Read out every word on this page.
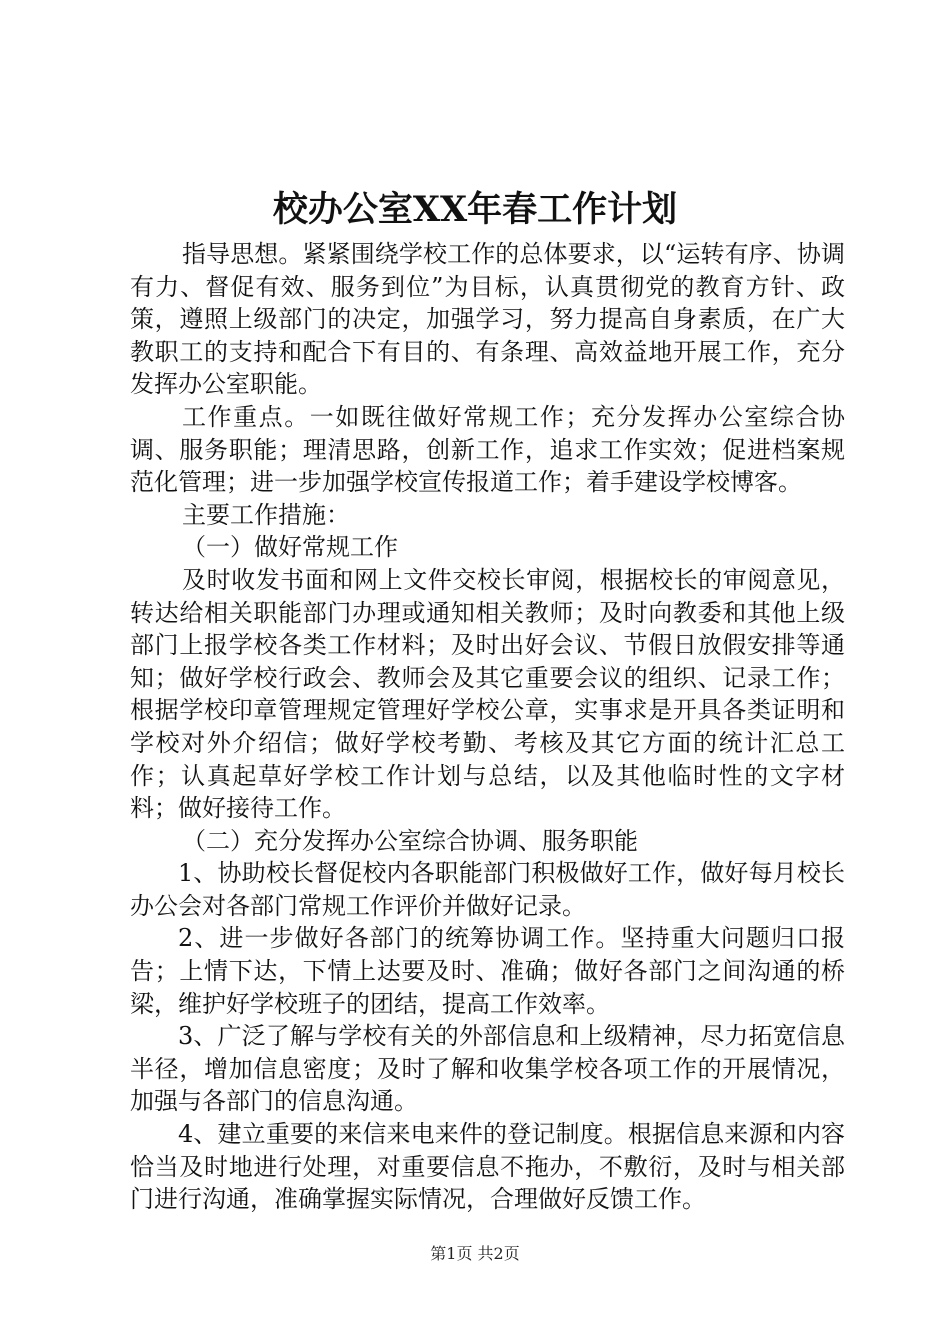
校办公室XX年春工作计划

指导思想。紧紧围绕学校工作的总体要求，以“运转有序、协调有力、督促有效、服务到位”为目标，认真贯彻党的教育方针、政策，遵照上级部门的决定，加强学习，努力提高自身素质，在广大教职工的支持和配合下有目的、有条理、高效益地开展工作，充分发挥办公室职能。

工作重点。一如既往做好常规工作；充分发挥办公室综合协调、服务职能；理清思路，创新工作，追求工作实效；促进档案规范化管理；进一步加强学校宣传报道工作；着手建设学校博客。

主要工作措施：

（一）做好常规工作

及时收发书面和网上文件交校长审阅，根据校长的审阅意见，转达给相关职能部门办理或通知相关教师；及时向教委和其他上级部门上报学校各类工作材料；及时出好会议、节假日放假安排等通知；做好学校行政会、教师会及其它重要会议的组织、记录工作；根据学校印章管理规定管理好学校公章，实事求是开具各类证明和学校对外介绍信；做好学校考勤、考核及其它方面的统计汇总工作；认真起草好学校工作计划与总结，以及其他临时性的文字材料；做好接待工作。

（二）充分发挥办公室综合协调、服务职能

1、协助校长督促校内各职能部门积极做好工作，做好每月校长办公会对各部门常规工作评价并做好记录。

2、进一步做好各部门的统筹协调工作。坚持重大问题归口报告；上情下达，下情上达要及时、准确；做好各部门之间沟通的桥梁，维护好学校班子的团结，提高工作效率。

3、广泛了解与学校有关的外部信息和上级精神，尽力拓宽信息半径，增加信息密度；及时了解和收集学校各项工作的开展情况，加强与各部门的信息沟通。

4、建立重要的来信来电来件的登记制度。根据信息来源和内容恰当及时地进行处理，对重要信息不拖办，不敷衍，及时与相关部门进行沟通，准确掌握实际情况，合理做好反馈工作。

第1页 共2页
